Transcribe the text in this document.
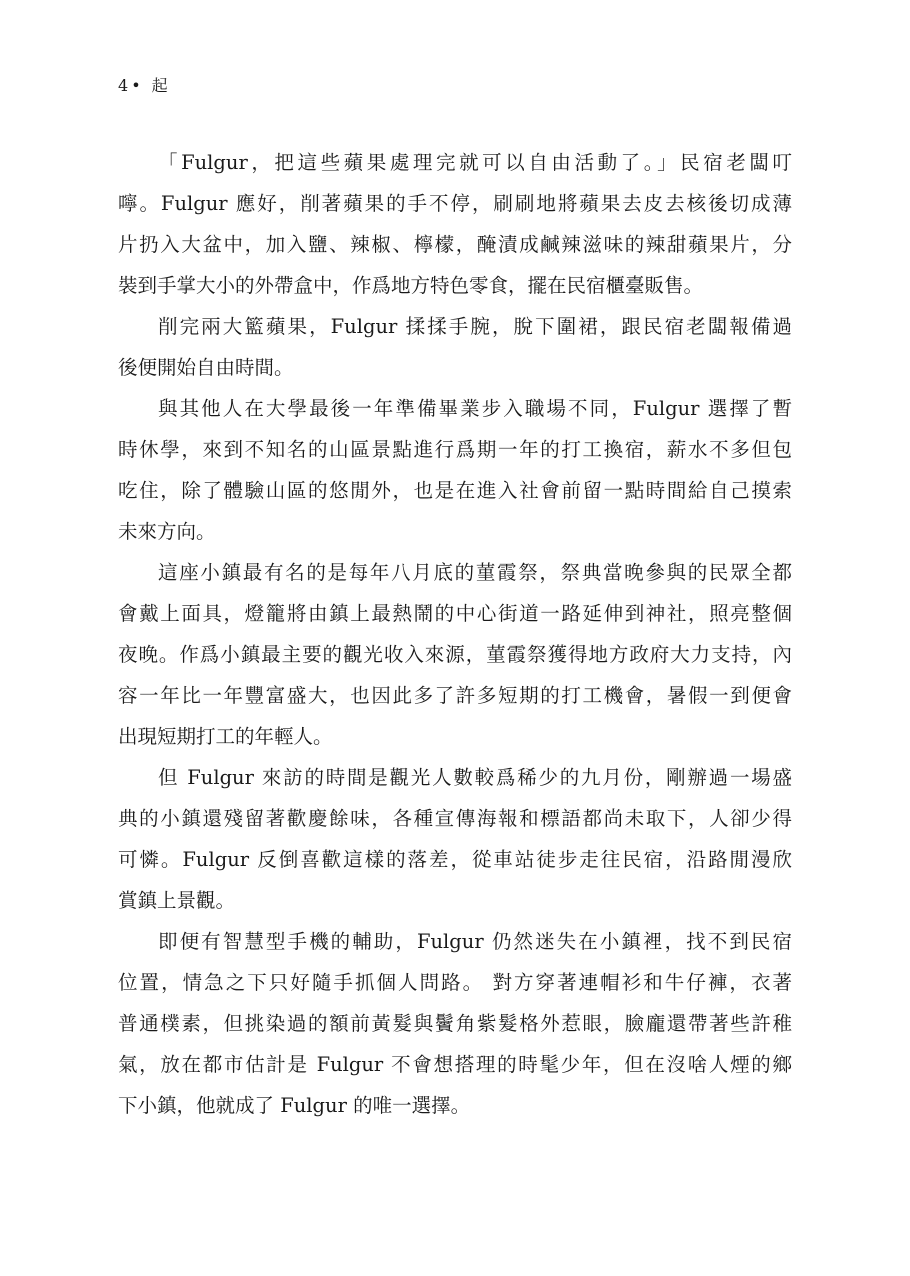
4 • 起
「Fulgur，把這些蘋果處理完就可以自由活動了。」民宿老闆叮
嚀。Fulgur 應好，削著蘋果的手不停，刷刷地將蘋果去皮去核後切成薄
片扔入大盆中，加入鹽、辣椒、檸檬，醃漬成鹹辣滋味的辣甜蘋果片，分
裝到手掌大小的外帶盒中，作爲地方特色零食，擺在民宿櫃臺販售。
削完兩大籃蘋果，Fulgur 揉揉手腕，脫下圍裙，跟民宿老闆報備過
後便開始自由時間。
與其他人在大學最後一年準備畢業步入職場不同，Fulgur 選擇了暫
時休學，來到不知名的山區景點進行爲期一年的打工換宿，薪水不多但包
吃住，除了體驗山區的悠閒外，也是在進入社會前留一點時間給自己摸索
未來方向。
這座小鎮最有名的是每年八月底的菫霞祭，祭典當晚參與的民眾全都
會戴上面具，燈籠將由鎮上最熱鬧的中心街道一路延伸到神社，照亮整個
夜晚。作爲小鎮最主要的觀光收入來源，菫霞祭獲得地方政府大力支持，內
容一年比一年豐富盛大，也因此多了許多短期的打工機會，暑假一到便會
出現短期打工的年輕人。
但 Fulgur 來訪的時間是觀光人數較爲稀少的九月份，剛辦過一場盛
典的小鎮還殘留著歡慶餘味，各種宣傳海報和標語都尚未取下，人卻少得
可憐。Fulgur 反倒喜歡這樣的落差，從車站徒步走往民宿，沿路閒漫欣
賞鎮上景觀。
即便有智慧型手機的輔助，Fulgur 仍然迷失在小鎮裡，找不到民宿
位置，情急之下只好隨手抓個人問路。 對方穿著連帽衫和牛仔褲，衣著
普通樸素，但挑染過的額前黃髮與鬢角紫髮格外惹眼，臉龐還帶著些許稚
氣，放在都市估計是 Fulgur 不會想搭理的時髦少年，但在沒啥人煙的鄉
下小鎮，他就成了 Fulgur 的唯一選擇。
